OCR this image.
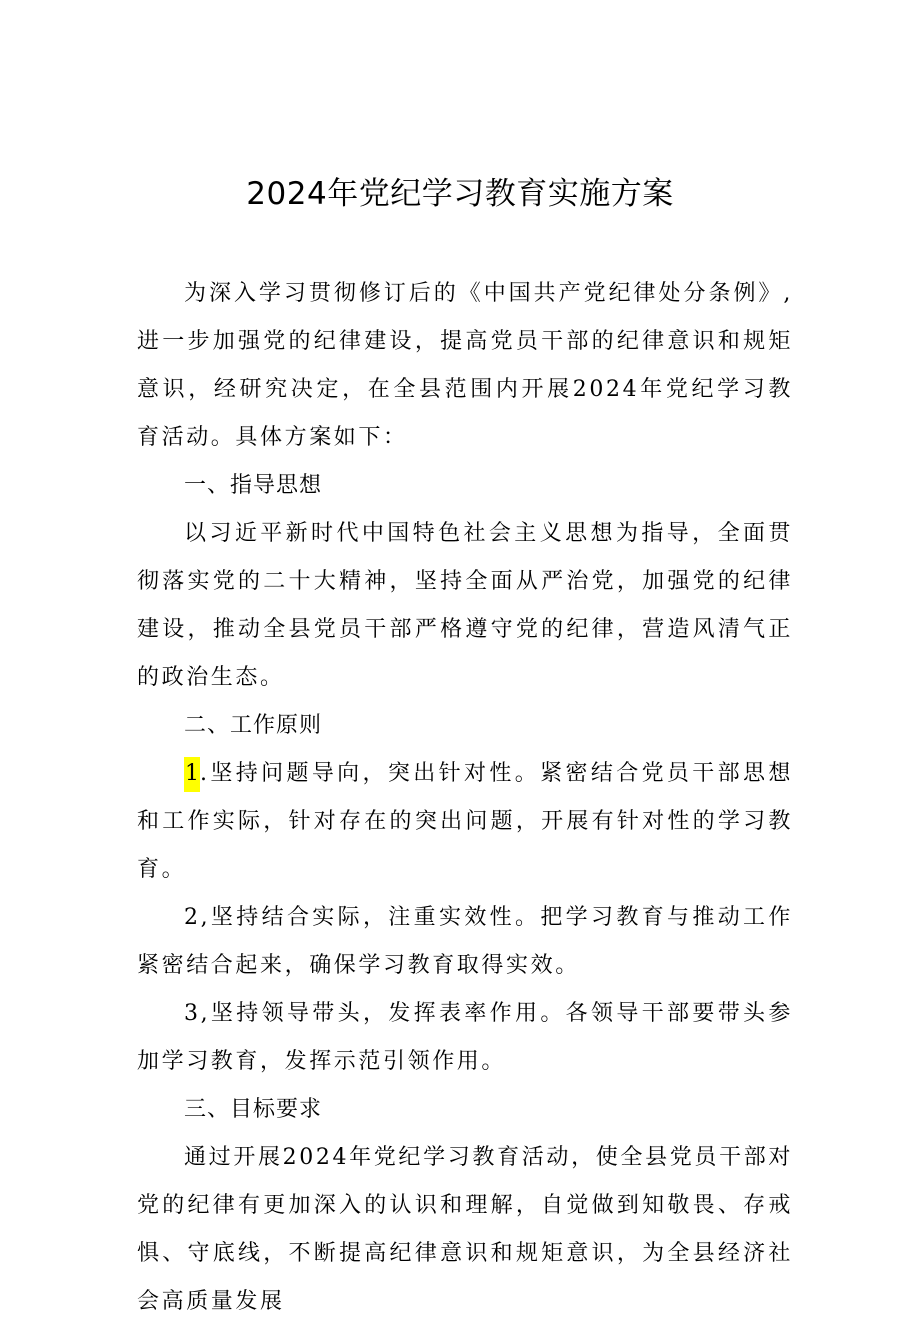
2024年党纪学习教育实施方案

为深入学习贯彻修订后的《中国共产党纪律处分条例》,进一步加强党的纪律建设，提高党员干部的纪律意识和规矩意识，经研究决定，在全县范围内开展2024年党纪学习教育活动。具体方案如下：

一、指导思想

以习近平新时代中国特色社会主义思想为指导，全面贯彻落实党的二十大精神，坚持全面从严治党，加强党的纪律建设，推动全县党员干部严格遵守党的纪律，营造风清气正的政治生态。

二、工作原则

1.坚持问题导向，突出针对性。紧密结合党员干部思想和工作实际，针对存在的突出问题，开展有针对性的学习教育。

2,坚持结合实际，注重实效性。把学习教育与推动工作紧密结合起来，确保学习教育取得实效。

3,坚持领导带头，发挥表率作用。各领导干部要带头参加学习教育，发挥示范引领作用。

三、目标要求

通过开展2024年党纪学习教育活动，使全县党员干部对党的纪律有更加深入的认识和理解，自觉做到知敬畏、存戒惧、守底线，不断提高纪律意识和规矩意识，为全县经济社会高质量发展
